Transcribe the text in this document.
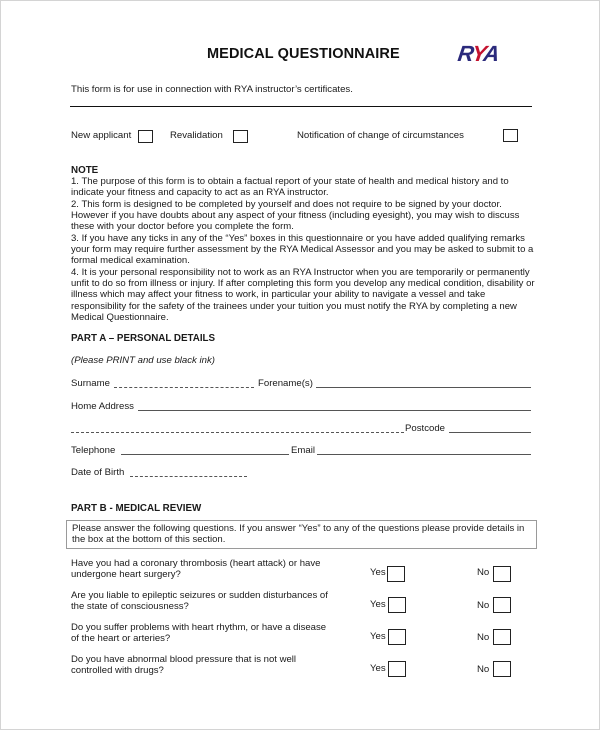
MEDICAL QUESTIONNAIRE	RYA
This form is for use in connection with RYA instructor’s certificates.
New applicant	Revalidation	Notification of change of circumstances
NOTE

1. The purpose of this form is to obtain a factual report of your state of health and medical history and to indicate your fitness and capacity to act as an RYA instructor.

2. This form is designed to be completed by yourself and does not require to be signed by your doctor. However if you have doubts about any aspect of your fitness (including eyesight), you may wish to discuss these with your doctor before you complete the form.

3. If you have any ticks in any of the “Yes” boxes in this questionnaire or you have added qualifying remarks your form may require further assessment by the RYA Medical Assessor and you may be asked to submit to a formal medical examination.

4. It is your personal responsibility not to work as an RYA Instructor when you are temporarily or permanently unfit to do so from illness or injury. If after completing this form you develop any medical condition, disability or illness which may affect your fitness to work, in particular your ability to navigate a vessel and take responsibility for the safety of the trainees under your tuition you must notify the RYA by completing a new Medical Questionnaire.

PART A – PERSONAL DETAILS
(Please PRINT and use black ink)
Surname	Forename(s)
Home Address
Postcode
Telephone	Email
Date of Birth
PART B - MEDICAL REVIEW
Please answer the following questions. If you answer “Yes” to any of the questions please provide details in the box at the bottom of this section.
Have you had a coronary thrombosis (heart attack) or have undergone heart surgery?	Yes	No
Are you liable to epileptic seizures or sudden disturbances of the state of consciousness?	Yes	No
Do you suffer problems with heart rhythm, or have a disease of the heart or arteries?	Yes	No
Do you have abnormal blood pressure that is not well controlled with drugs?	Yes	No
